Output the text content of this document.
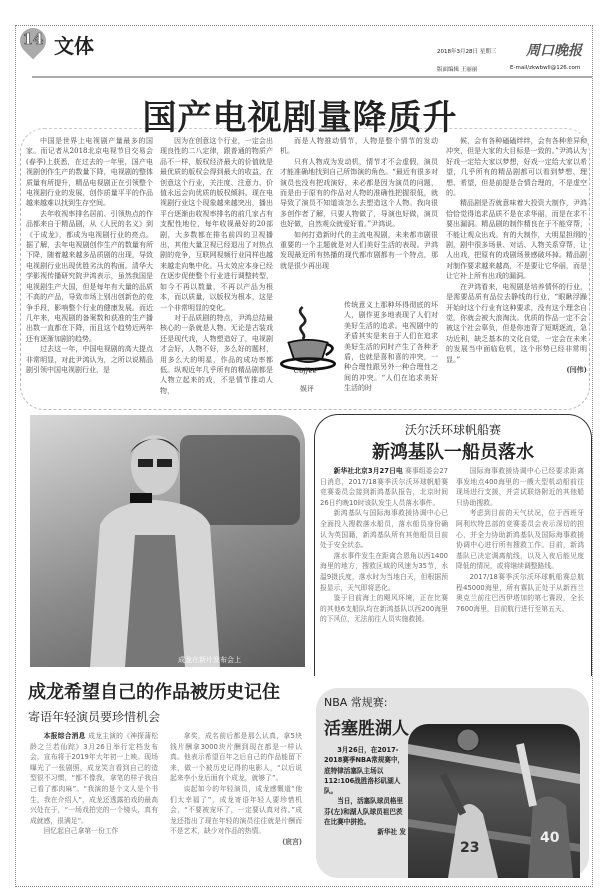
14 文体	2018年3月28日 星期三 周口晚报
版面编辑 王丽丽	E-mail/zkwbwll@126.com
国产电视剧量降质升

中国是世界上电视剧产量最多的国家。而记者从2018北京电视节目交易会(春季)上获悉，在过去的一年里，国产电视剧创作生产的数量下降，电视剧的整体质量有所提升，精品电视剧正在引领整个电视剧行业的发展，创作质量平平的作品越来越难以找到生存空间。

去年收视率排名居前、引领热点的作品都来自于精品剧，从《人民的名义》到《于成龙》，都成为电视剧行业的亮点。据了解，去年电视剧创作生产的数量有所下降，随着越来越多品质剧的出现，导致电视剧行业出现优胜劣汰的构面。清华大学影视传播研究院尹鸿表示，虽然我国是电视剧生产大国，但是每年有大量的品质不高的产品，导致市场上别出创新色的竞争手段，影响整个行业的健康发展。而近几年来，电视剧的备案数和获准的生产播出数一直都在下降，而且这个趋势近两年还有逐渐加剧的趋势。

过去这一年，中国电视剧的高大提点非常明显，对此尹鸿认为，之所以说精品剧引领中国电视剧行业，是

因为在创意这个行业，一定会出现良性的二八定律，跟普通的物质产品不一样，版权经济最大的价值就是最优质的版权会得到最大的收益，在创意这个行业，关注度、注意力、价值永远会向优质的版权倾斜。现在电视剧行业这个现象越来越突出，播出平台逐渐由收视率排名的前几家占有支配性地位，每年收视最好的20部剧，大多数都在排名前四的卫视播出，其他大量卫视已经退出了对热点剧的竞争，互联网视频行业同样也越来越走向集中化。马太效应本身已经在逐步促使整个行业进行调整转型，如今不再以数量，不再以产品为根本，而以质量，以版权为根本，这是一个非常明显的变化。

对于品质剧的特点，尹鸿总结最核心的一条就是人物。无论是古装戏还是现代戏，人物塑造好了，电视剧才会好，人物不好，多么好的题材，用多么大的明星，作品的成功率都低。纵观近年几乎所有的精品剧都是人物立起来的戏，不是情节推动人物，

而是人物推动情节，人物是整个情节的发动机。

只有人物成为发动机，情节才不会虚假，演员才能准确地找到自己所饰演的角色。“最近有很多对演员也没有把戏演好，未必都是因为演员的问题，而是由于原有的作品对人物的准确性把握很低，就导致了演员不知道该怎么去塑造这个人物。我向很多创作者了解，只要人物做了，导演也好做，演员也好做，自然观众就爱好看。”尹鸿说。

如何打造新时代的主流电视剧，未来都市剧很重要的一个主题就是对人们美好生活的表现。尹鸿发现最近所有热播的现代都市剧都有一个特点，那就是很少再出现

传统意义上那种坏得彻底的坏人，剧作更多地表现了人们对美好生活的追求。电视剧中的矛盾其实是来自于人们在追求美好生活的同时产生了各种矛盾，也就是喜和喜的冲突，一种合理性跟另外一种合理性之间的冲突。“人们在追求美好生活的时

候，会有各种磕磕绊绊，会有各种差异和冲突，但是大家的大目标是一致的。”尹鸿认为好戏一定给大家以梦想，好戏一定给大家以希望，几乎所有的精品剧都可以看到梦想、理想、希望，但是前提是合情合理的，不是虚空的。

精品剧是否就意味着大投资大制作，尹鸿恰恰觉得追求品质不是在求华丽，而是在求不要出漏洞。精品剧的制作精良在于不能穿帮，不能让观众出戏。有的大制作，大明星担纲的剧，剧中很多场景、对话、人物关系穿帮，让人出戏，把原有的戏剧场景感破坏掉。精品剧对制作要求越来越高，不是要让它华丽，而是让它补上所有出戏的漏洞。

在尹鸿看来，电视剧是培养情怀的行业，是需要品质有品位去静线的行业，“眼瞅浮躁开始时这个行业有这种要求，没有这个理念自觉，你就会被大浪淘汰。优质的作品一定不会被这个社会辜负，但是你违背了短期逐流，急功近利，缺乏基本的文化自觉，一定会在未来的发展当中面临危机，这个形势已经非常明显。”

(闫伟)

Coffee
娱评
成龙在新片发布会上
沃尔沃环球帆船赛
新鸿基队一船员落水

新华社北京3月27日电 赛事组委会27日消息，2017/18赛季沃尔沃环球帆船赛竞赛委员会接到新鸿基队报告，北京时间26日约晚10时该队发生人员落水事件。

新鸿基队与国际海事救援协调中心已全面投入搜救落水船员，落水船员身份确认为英国籍，新鸿基队所有其他船员目前处于安全状态。

落水事件发生在距离合恩角以西1400海里的地方，搜救区域的风速为35节，水温9摄氏度，落水时为当地白天，但根据预报显示，天气即将恶化。

鉴于目前海上的飓风环境，正在比赛的其他6支船队均在新鸿基队以西200海里的下风位，无法前往人员实施救援。

国际海事救援协调中心已经要求距离事发地点400海里的一艘大型机动船前往现场进行支援，并尝试联络附近的其他船只协助搜救。

考虑到目前的天气状况，位于西班牙阿利坎特总部的竞赛委员会表示深切的担心，并全力协助新鸿基队及国际海事救援协调中心进行所有搜救工作。目前，新鸿基队已决定调离航线，以及入夜后能见度降低的情况，或将继续调整路线。

2017/18赛季沃尔沃环球帆船赛总航程45000海里，所有赛队正处于从新西兰奥克兰前往巴西伊塔加的第七赛段，全长7600海里，目前航行进行至第五天。

成龙希望自己的作品被历史记住
寄语年轻演员要珍惜机会

本报综合消息 成龙主演的《神探蒲松龄之兰若仙踪》3月26日举行定档发布会，宣布将于2019年大年初一上映。现场曝光了一张剧照，成龙笑言看到自己的造型很不习惯，“都不像我，拿笔的样子我自己看了都肉麻”。“我演的是个文人是个书生，我在介绍人”，成龙还透露拍戏的最高兴处在于，“一场戏拍完的一个镜头，真有成就感，很满足”。

回忆起自己拿第一份工作

拿奖，成名前后都是那么认真，拿5块钱片酬拿3000块片酬到现在都是一样认真。他表示希望百年之后自己的作品能留下来，做一个被历史记得的电影人，“以后说起来李小龙后面有个成龙，就够了”。

谈起如今的年轻演员，成龙感慨道“他们太幸福了”，成龙寄语年轻人要珍惜机会，“不要被宠坏了，一定要认真对待。”成龙还指出了现在年轻的演员往往就是片酬而不是艺术，缺少对作品的热情。

(宸宫)

NBA 常规赛:
活塞胜湖人

3月26日，在2017-2018赛季NBA常规赛中，底特律活塞队主场以112:106战胜洛杉矶湖人队。

当日，活塞队球员格里芬(左)和湖人队球员祖巴茨在比赛中拼抢。

新华社 发
23
40
